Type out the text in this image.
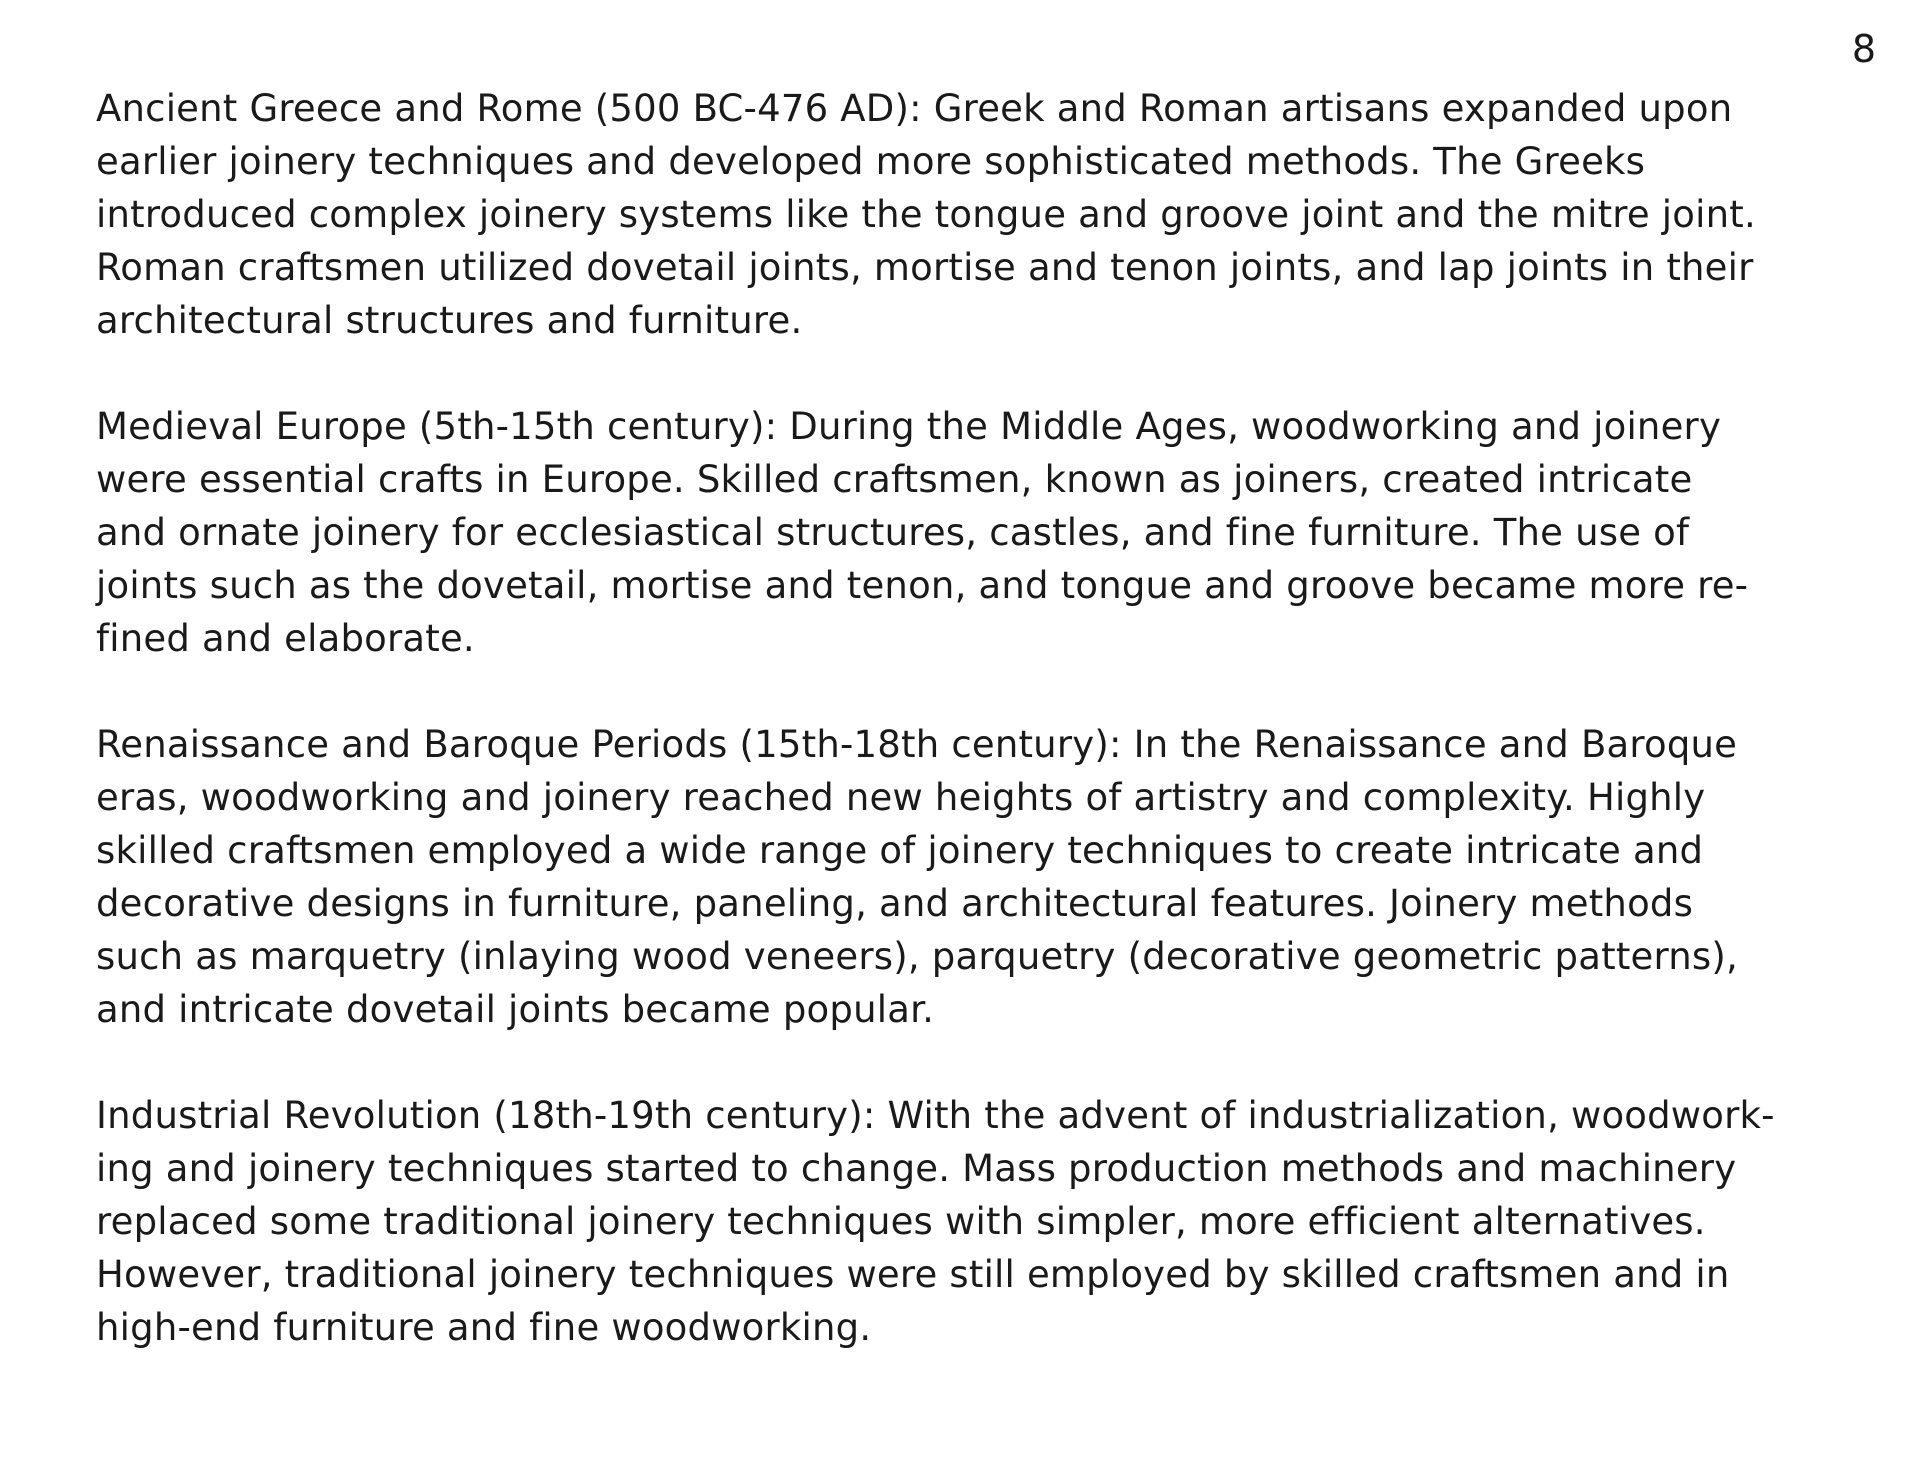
8

Ancient Greece and Rome (500 BC-476 AD): Greek and Roman artisans expanded upon
earlier joinery techniques and developed more sophisticated methods. The Greeks
introduced complex joinery systems like the tongue and groove joint and the mitre joint.
Roman craftsmen utilized dovetail joints, mortise and tenon joints, and lap joints in their
architectural structures and furniture.

Medieval Europe (5th-15th century): During the Middle Ages, woodworking and joinery
were essential crafts in Europe. Skilled craftsmen, known as joiners, created intricate
and ornate joinery for ecclesiastical structures, castles, and fine furniture. The use of
joints such as the dovetail, mortise and tenon, and tongue and groove became more re-
fined and elaborate.

Renaissance and Baroque Periods (15th-18th century): In the Renaissance and Baroque
eras, woodworking and joinery reached new heights of artistry and complexity. Highly
skilled craftsmen employed a wide range of joinery techniques to create intricate and
decorative designs in furniture, paneling, and architectural features. Joinery methods
such as marquetry (inlaying wood veneers), parquetry (decorative geometric patterns),
and intricate dovetail joints became popular.

Industrial Revolution (18th-19th century): With the advent of industrialization, woodwork-
ing and joinery techniques started to change. Mass production methods and machinery
replaced some traditional joinery techniques with simpler, more efficient alternatives.
However, traditional joinery techniques were still employed by skilled craftsmen and in
high-end furniture and fine woodworking.
